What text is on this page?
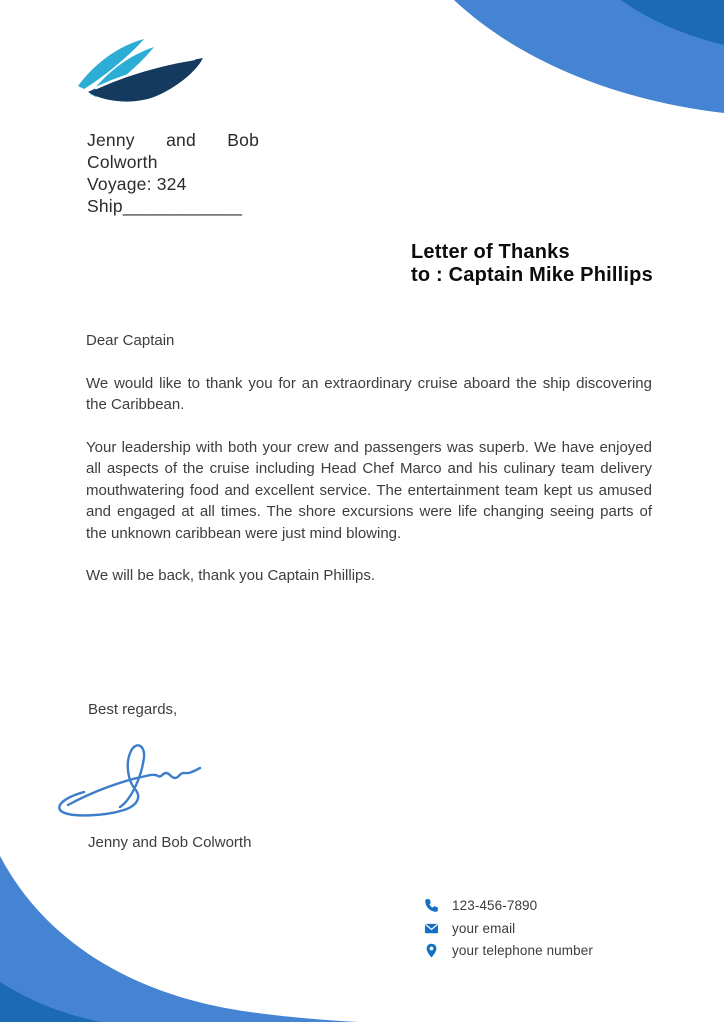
Jenny and Bob
Colworth
Voyage: 324
Ship____________
Letter of Thanks
to : Captain Mike Phillips

Dear Captain

We would like to thank you for an extraordinary cruise aboard the ship discovering the Caribbean.

Your leadership with both your crew and passengers was superb. We have enjoyed all aspects of the cruise including Head Chef Marco and his culinary team delivery mouthwatering food and excellent service. The entertainment team kept us amused and engaged at all times. The shore excursions were life changing seeing parts of the unknown caribbean were just mind blowing.

We will be back, thank you Captain Phillips.

Best regards,
Jenny and Bob Colworth
123-456-7890
your email
your telephone number
